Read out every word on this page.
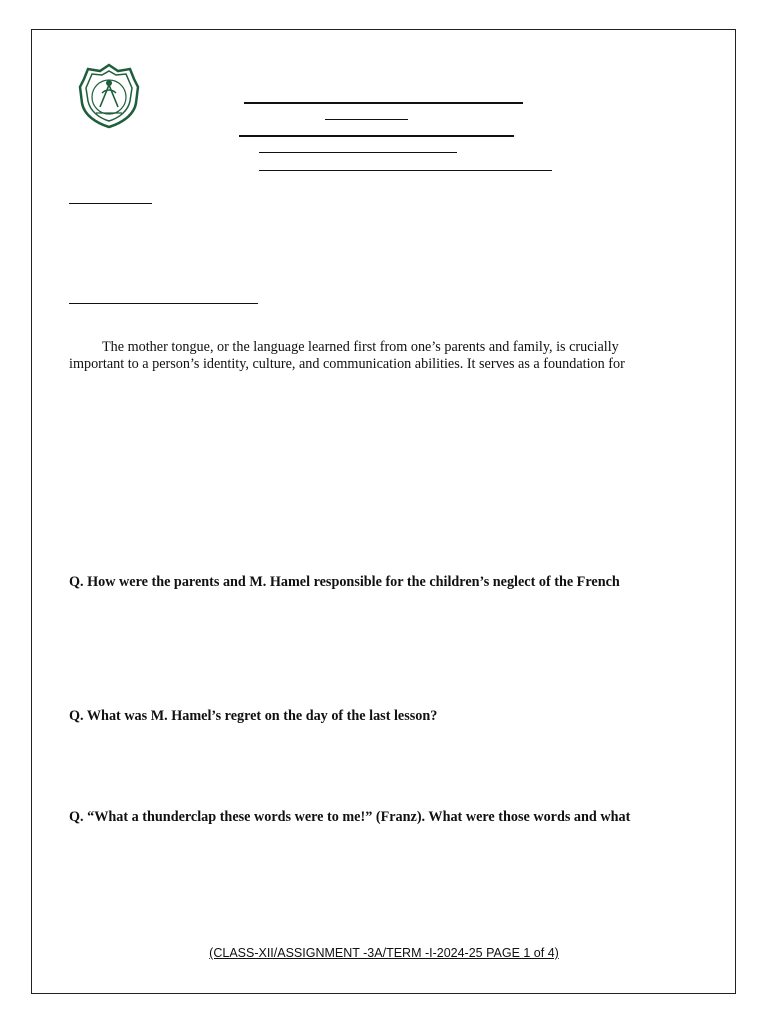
The mother tongue, or the language learned first from one’s parents and family, is crucially
important to a person’s identity, culture, and communication abilities. It serves as a foundation for
Q. How were the parents and M. Hamel responsible for the children’s neglect of the French
Q. What was M. Hamel’s regret on the day of the last lesson?
Q. “What a thunderclap these words were to me!” (Franz). What were those words and what
(CLASS-XII/ASSIGNMENT -3A/TERM -I-2024-25 PAGE 1 of 4)
